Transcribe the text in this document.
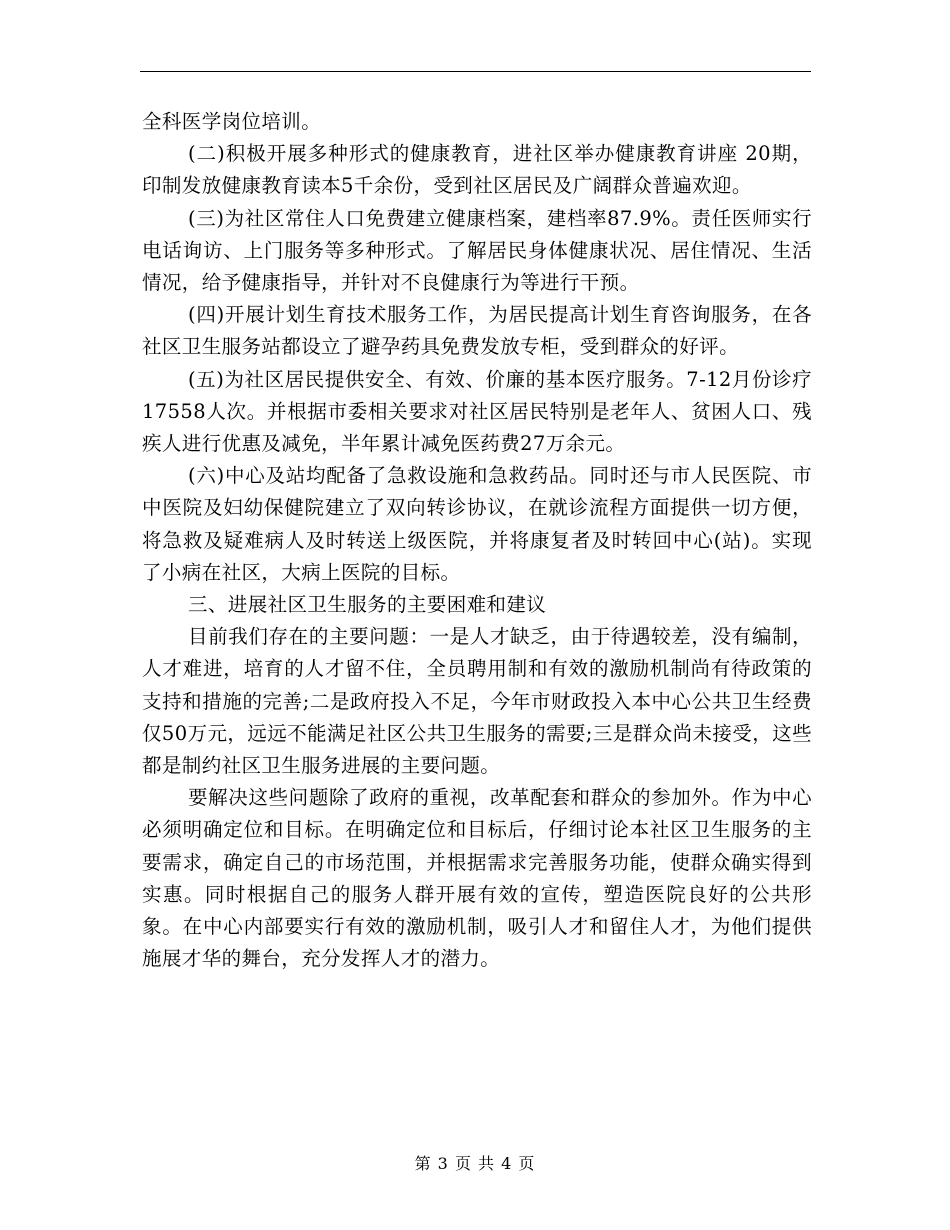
全科医学岗位培训。

(二)积极开展多种形式的健康教育，进社区举办健康教育讲座 20期，印制发放健康教育读本5千余份，受到社区居民及广阔群众普遍欢迎。

(三)为社区常住人口免费建立健康档案，建档率87.9%。责任医师实行电话询访、上门服务等多种形式。了解居民身体健康状况、居住情况、生活情况，给予健康指导，并针对不良健康行为等进行干预。

(四)开展计划生育技术服务工作，为居民提高计划生育咨询服务，在各社区卫生服务站都设立了避孕药具免费发放专柜，受到群众的好评。

(五)为社区居民提供安全、有效、价廉的基本医疗服务。7-12月份诊疗17558人次。并根据市委相关要求对社区居民特别是老年人、贫困人口、残疾人进行优惠及减免，半年累计减免医药费27万余元。

(六)中心及站均配备了急救设施和急救药品。同时还与市人民医院、市中医院及妇幼保健院建立了双向转诊协议，在就诊流程方面提供一切方便，将急救及疑难病人及时转送上级医院，并将康复者及时转回中心(站)。实现了小病在社区，大病上医院的目标。

三、进展社区卫生服务的主要困难和建议

目前我们存在的主要问题：一是人才缺乏，由于待遇较差，没有编制，人才难进，培育的人才留不住，全员聘用制和有效的激励机制尚有待政策的支持和措施的完善;二是政府投入不足，今年市财政投入本中心公共卫生经费仅50万元，远远不能满足社区公共卫生服务的需要;三是群众尚未接受，这些都是制约社区卫生服务进展的主要问题。

要解决这些问题除了政府的重视，改革配套和群众的参加外。作为中心必须明确定位和目标。在明确定位和目标后，仔细讨论本社区卫生服务的主要需求，确定自己的市场范围，并根据需求完善服务功能，使群众确实得到实惠。同时根据自己的服务人群开展有效的宣传，塑造医院良好的公共形象。在中心内部要实行有效的激励机制，吸引人才和留住人才，为他们提供施展才华的舞台，充分发挥人才的潜力。

第 3 页 共 4 页
